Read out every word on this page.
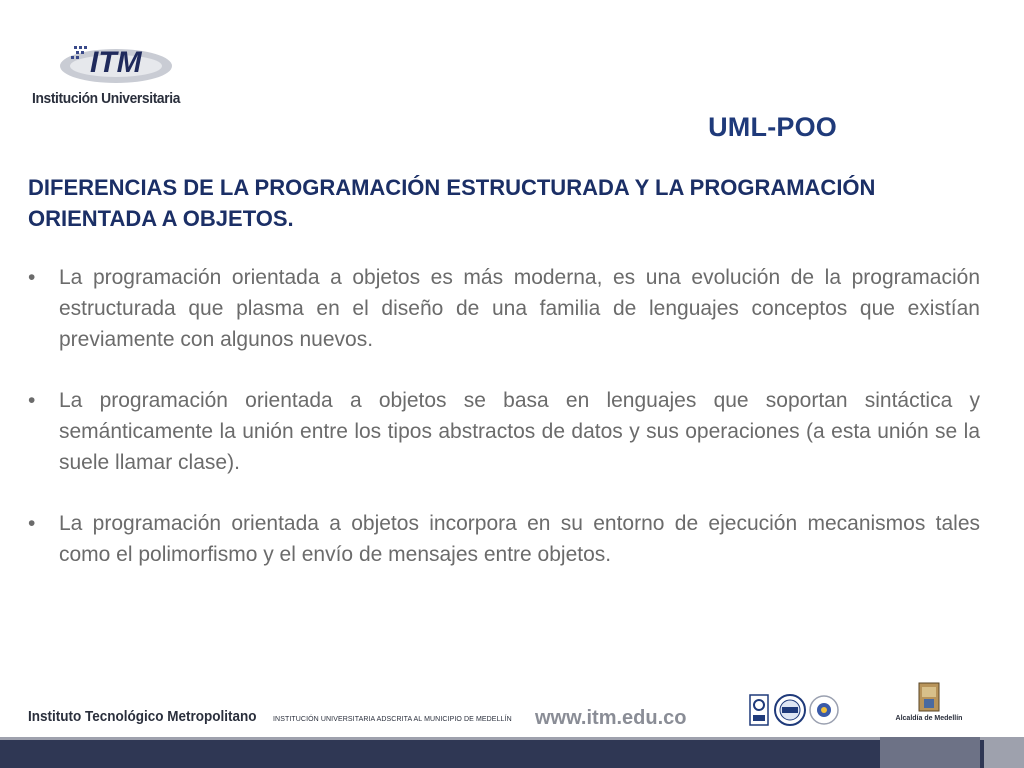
ITM
Institución Universitaria
UML-POO
DIFERENCIAS DE LA PROGRAMACIÓN ESTRUCTURADA Y LA PROGRAMACIÓN ORIENTADA A OBJETOS.
• La programación orientada a objetos es más moderna, es una evolución de la programación estructurada que plasma en el diseño de una familia de lenguajes conceptos que existían previamente con algunos nuevos.
• La programación orientada a objetos se basa en lenguajes que soportan sintáctica y semánticamente la unión entre los tipos abstractos de datos y sus operaciones (a esta unión se la suele llamar clase).
• La programación orientada a objetos incorpora en su entorno de ejecución mecanismos tales como el polimorfismo y el envío de mensajes entre objetos.
Instituto Tecnológico Metropolitano INSTITUCIÓN UNIVERSITARIA ADSCRITA AL MUNICIPIO DE MEDELLÍN www.itm.edu.co	Alcaldía de Medellín
